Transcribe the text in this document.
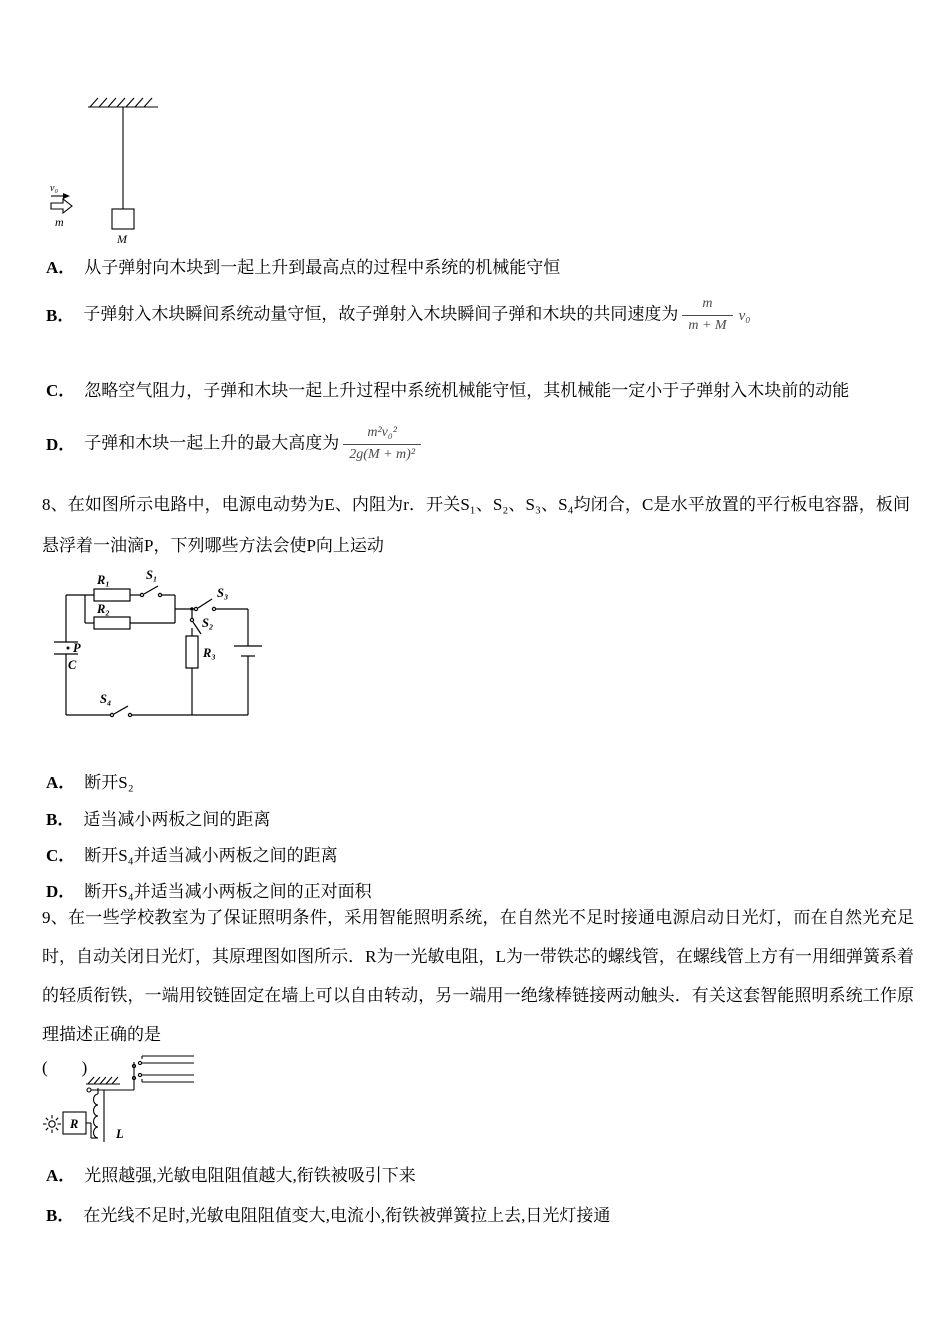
v₀
m
M
A． 从子弹射向木块到一起上升到最高点的过程中系统的机械能守恒
B． 子弹射入木块瞬间系统动量守恒，故子弹射入木块瞬间子弹和木块的共同速度为 $\frac{m}{m + M} v_0$
C． 忽略空气阻力，子弹和木块一起上升过程中系统机械能守恒，其机械能一定小于子弹射入木块前的动能
D． 子弹和木块一起上升的最大高度为 $\frac{\text{m²v₀²}}{\text{2g(M + m)²}}$
8、在如图所示电路中，电源电动势为E、内阻为r．开关S₁、S₂、S₃、S₄均闭合，C是水平放置的平行板电容器，板间悬浮着一油滴P，下列哪些方法会使P向上运动
R₁	S₁
R₂
S₃
S₂
R₃
S₄
P
C
A． 断开S₂
B． 适当减小两板之间的距离
C． 断开S₄并适当减小两板之间的距离
D． 断开S₄并适当减小两板之间的正对面积
9、在一些学校教室为了保证照明条件，采用智能照明系统，在自然光不足时接通电源启动日光灯，而在自然光充足时，自动关闭日光灯，其原理图如图所示．R为一光敏电阻，L为一带铁芯的螺线管，在螺线管上方有一用细弹簧系着的轻质衔铁，一端用铰链固定在墙上可以自由转动，另一端用一绝缘棒链接两动触头．有关这套智能照明系统工作原理描述正确的是
(　　)
R
L
A． 光照越强,光敏电阻阻值越大,衔铁被吸引下来
B． 在光线不足时,光敏电阻阻值变大,电流小,衔铁被弹簧拉上去,日光灯接通
